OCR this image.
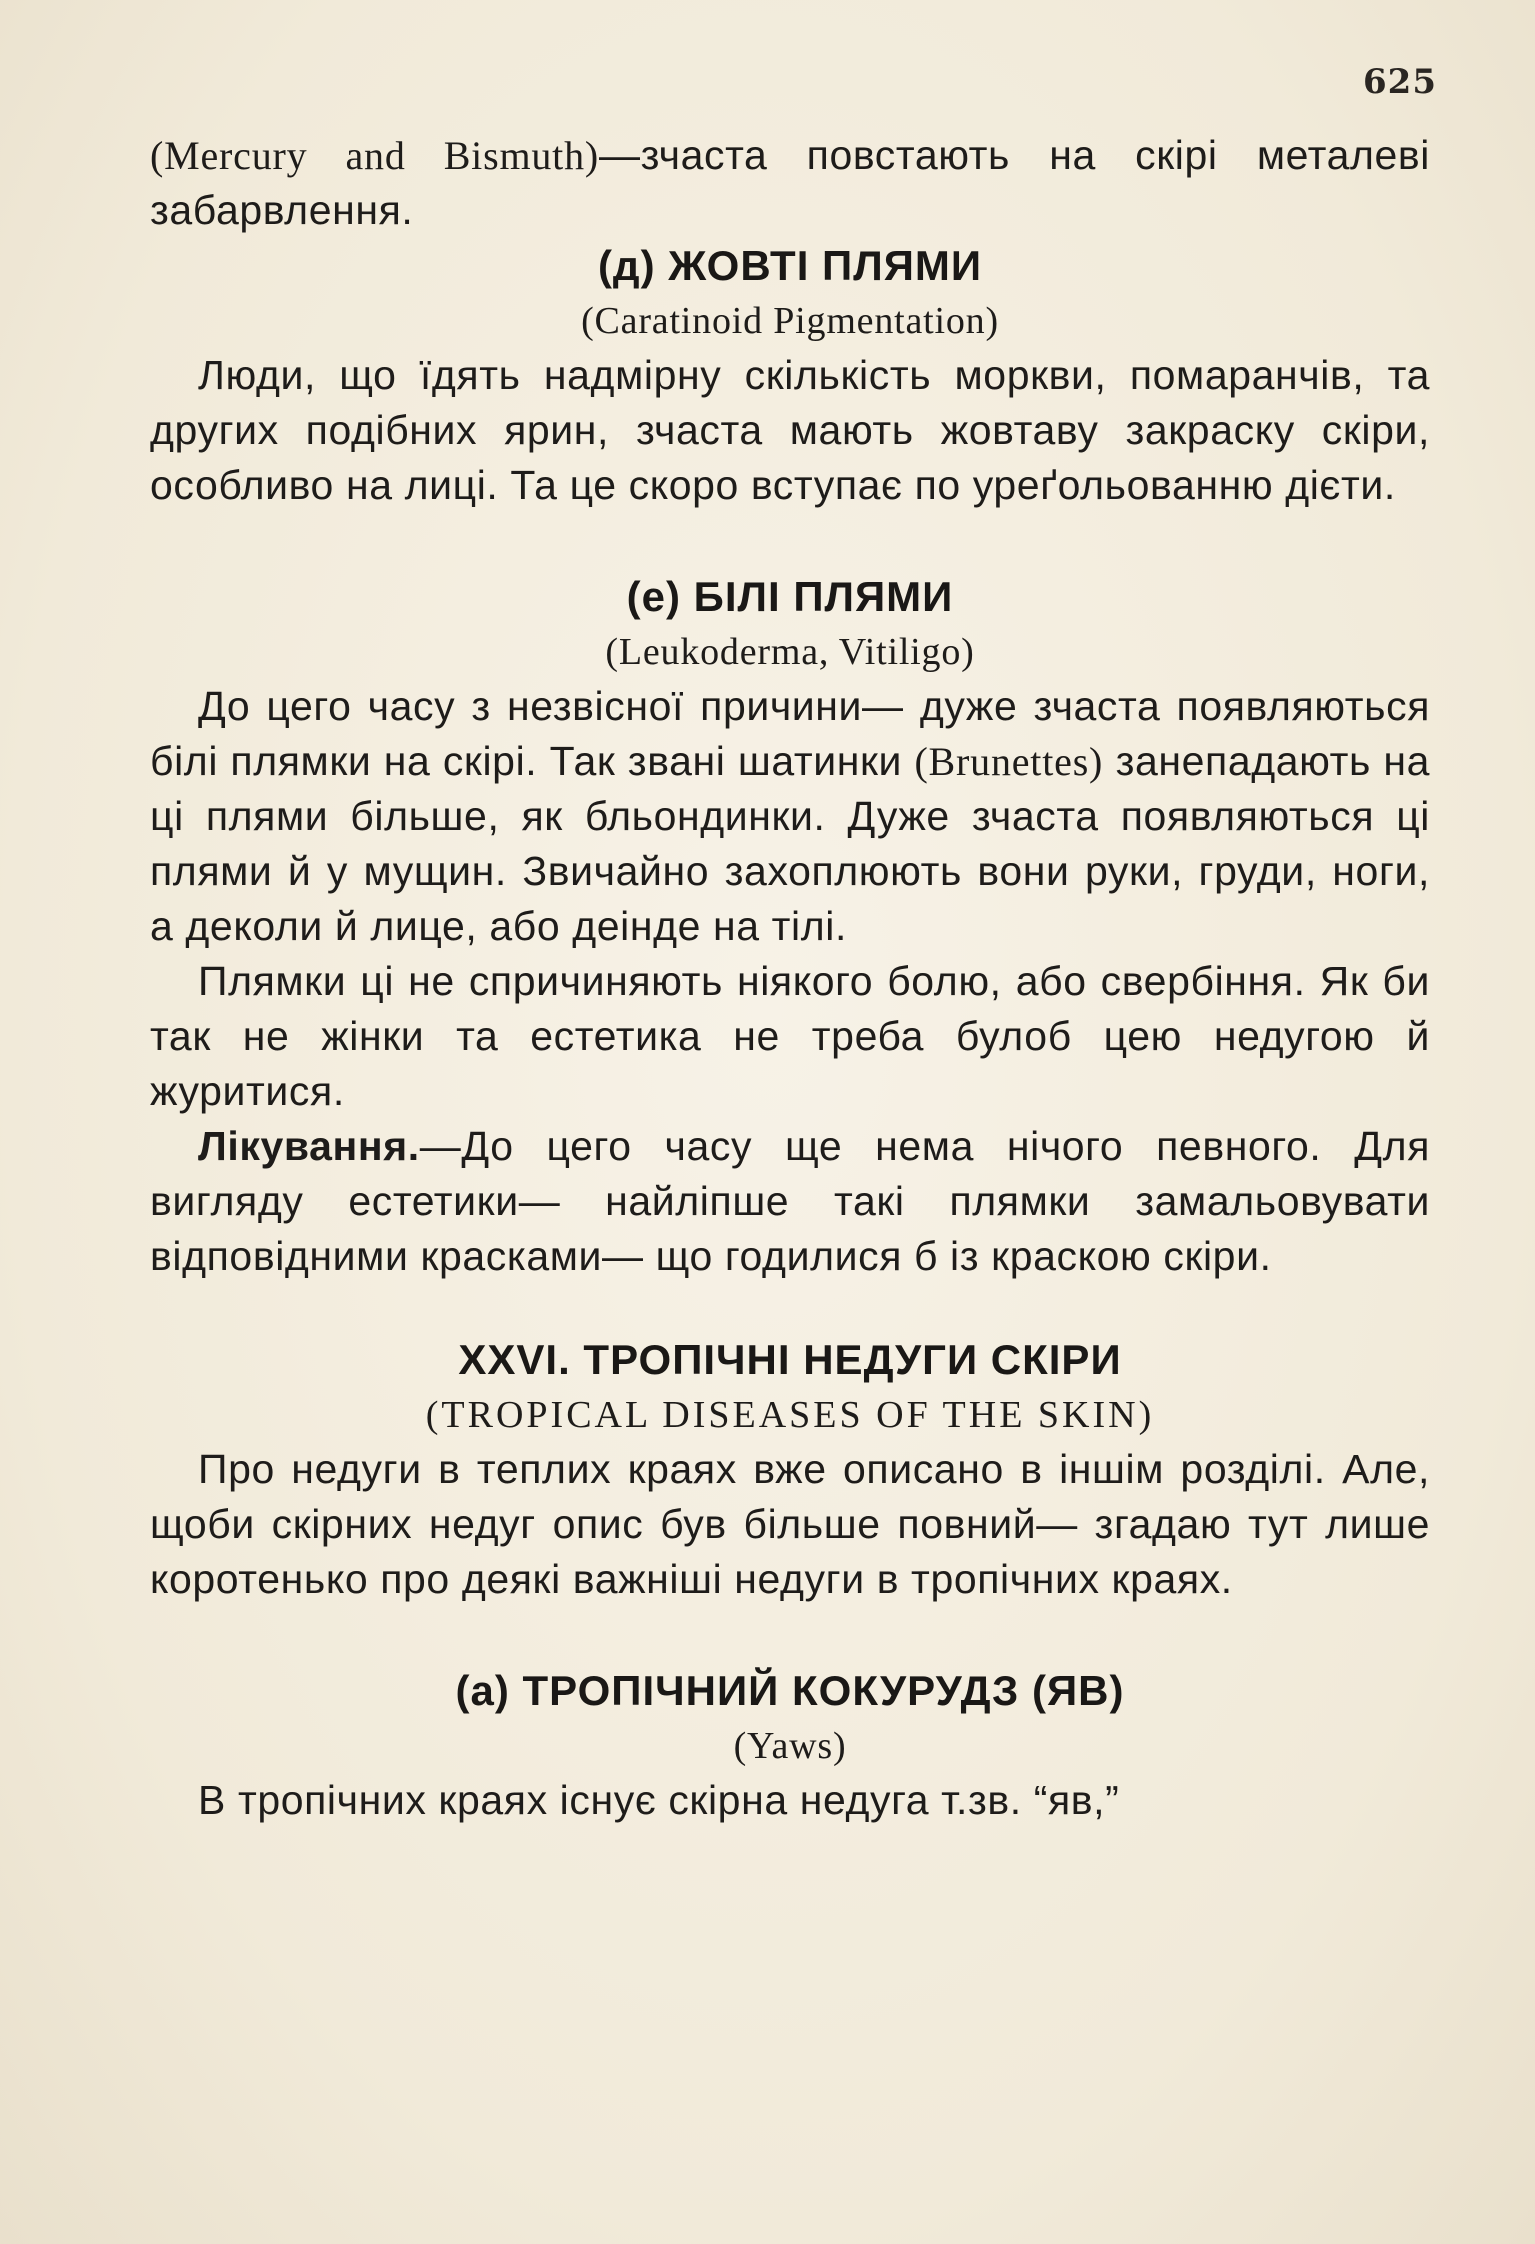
625

(Mercury and Bismuth)—зчаста повстають на скірі металеві забарвлення.

(д) ЖОВТІ ПЛЯМИ
(Caratinoid Pigmentation)

Люди, що їдять надмірну скількість моркви, помаранчів, та других подібних ярин, зчаста мають жовтаву закраску скіри, особливо на лиці. Та це скоро вступає по уреґольованню дієти.

(е) БІЛІ ПЛЯМИ
(Leukoderma, Vitiligo)

До цего часу з незвісної причини— дуже зчаста появляються білі плямки на скірі. Так звані шатинки (Brunettes) занепадають на ці плями більше, як бльондинки. Дуже зчаста появляються ці плями й у мущин. Звичайно захоплюють вони руки, груди, ноги, а деколи й лице, або деінде на тілі.

Плямки ці не спричиняють ніякого болю, або свербіння. Як би так не жінки та естетика не треба булоб цею недугою й журитися.

Лікування.—До цего часу ще нема нічого певного. Для вигляду естетики— найліпше такі плямки замальовувати відповідними красками— що годилися б із краскою скіри.

XXVI. ТРОПІЧНІ НЕДУГИ СКІРИ
(TROPICAL DISEASES OF THE SKIN)

Про недуги в теплих краях вже описано в іншім розділі. Але, щоби скірних недуг опис був більше повний— згадаю тут лише коротенько про деякі важніші недуги в тропічних краях.

(а) ТРОПІЧНИЙ КОКУРУДЗ (ЯВ)
(Yaws)

В тропічних краях існує скірна недуга т.зв. “яв,”
